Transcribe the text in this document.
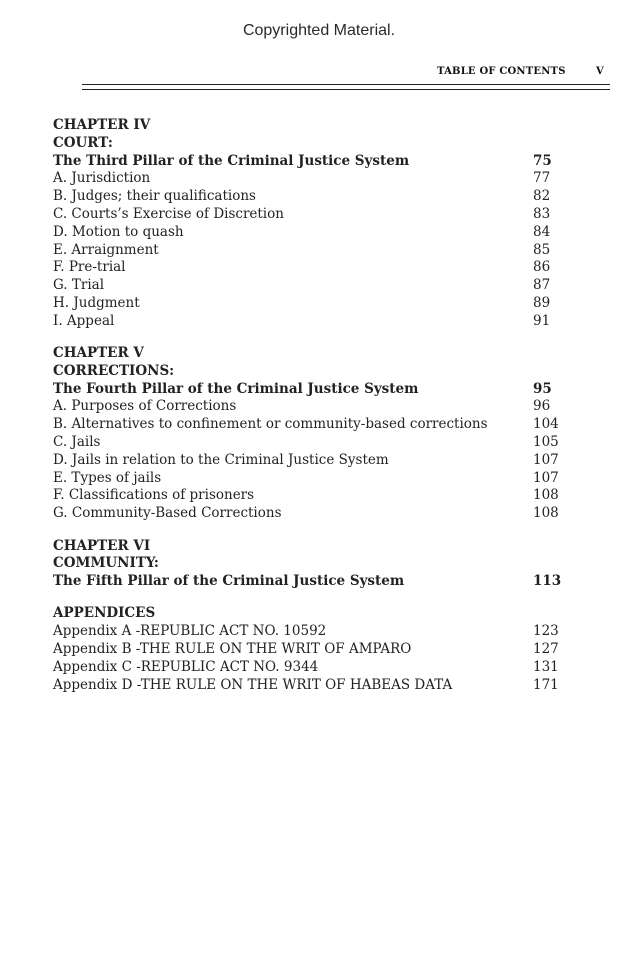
Copyrighted Material.
TABLE OF CONTENTS	V
CHAPTER IV
COURT:
The Third Pillar of the Criminal Justice System	75
A. Jurisdiction	77
B. Judges; their qualifications	82
C. Courts’s Exercise of Discretion	83
D. Motion to quash	84
E. Arraignment	85
F. Pre-trial	86
G. Trial	87
H. Judgment	89
I. Appeal	91
CHAPTER V
CORRECTIONS:
The Fourth Pillar of the Criminal Justice System	95
A. Purposes of Corrections	96
B. Alternatives to confinement or community-based corrections	104
C. Jails	105
D. Jails in relation to the Criminal Justice System	107
E. Types of jails	107
F. Classifications of prisoners	108
G. Community-Based Corrections	108
CHAPTER VI
COMMUNITY:
The Fifth Pillar of the Criminal Justice System	113
APPENDICES
Appendix A -REPUBLIC ACT NO. 10592	123
Appendix B -THE RULE ON THE WRIT OF AMPARO	127
Appendix C -REPUBLIC ACT NO. 9344	131
Appendix D -THE RULE ON THE WRIT OF HABEAS DATA	171
